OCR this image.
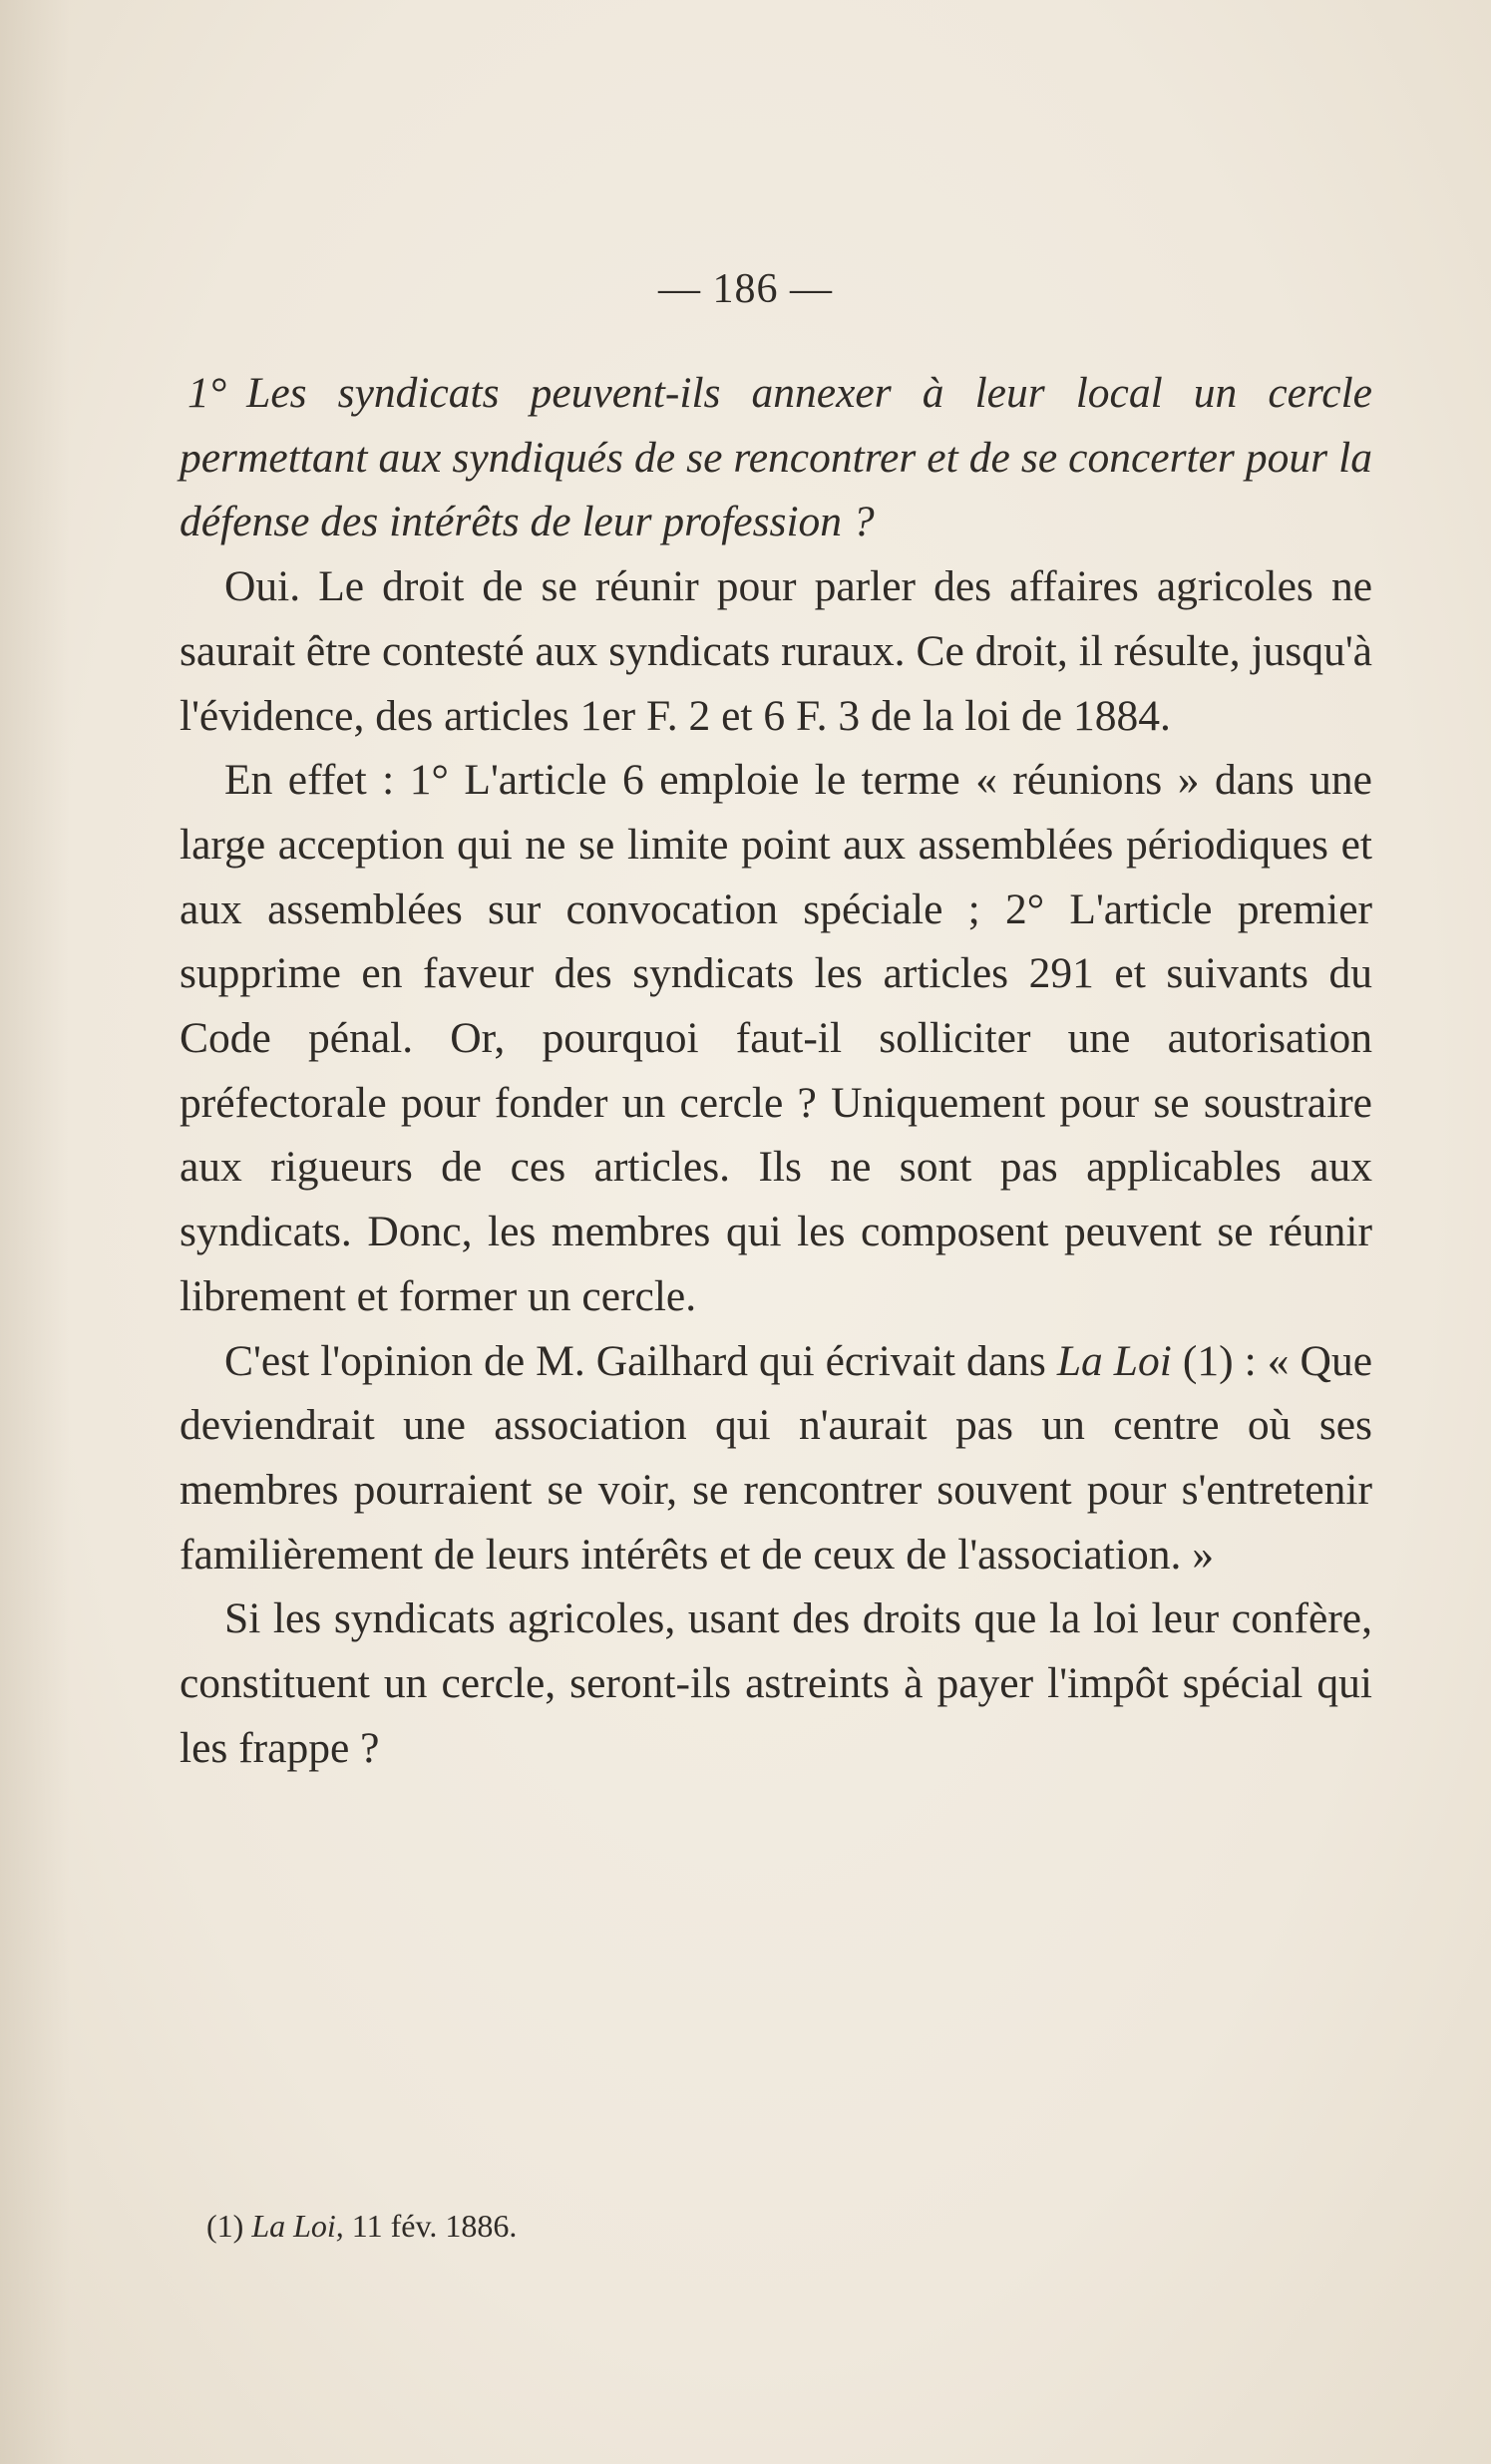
— 186 —

1° Les syndicats peuvent-ils annexer à leur local un cercle permettant aux syndiqués de se rencontrer et de se concerter pour la défense des intérêts de leur profession ?

Oui. Le droit de se réunir pour parler des affaires agricoles ne saurait être contesté aux syndicats ruraux. Ce droit, il résulte, jusqu'à l'évidence, des articles 1er F. 2 et 6 F. 3 de la loi de 1884.

En effet : 1° L'article 6 emploie le terme « réunions » dans une large acception qui ne se limite point aux assemblées périodiques et aux assemblées sur convocation spéciale ; 2° L'article premier supprime en faveur des syndicats les articles 291 et suivants du Code pénal. Or, pourquoi faut-il solliciter une autorisation préfectorale pour fonder un cercle ? Uniquement pour se soustraire aux rigueurs de ces articles. Ils ne sont pas applicables aux syndicats. Donc, les membres qui les composent peuvent se réunir librement et former un cercle.

C'est l'opinion de M. Gailhard qui écrivait dans La Loi (1) : « Que deviendrait une association qui n'aurait pas un centre où ses membres pourraient se voir, se rencontrer souvent pour s'entretenir familièrement de leurs intérêts et de ceux de l'association. »

Si les syndicats agricoles, usant des droits que la loi leur confère, constituent un cercle, seront-ils astreints à payer l'impôt spécial qui les frappe ?

(1) La Loi, 11 fév. 1886.
